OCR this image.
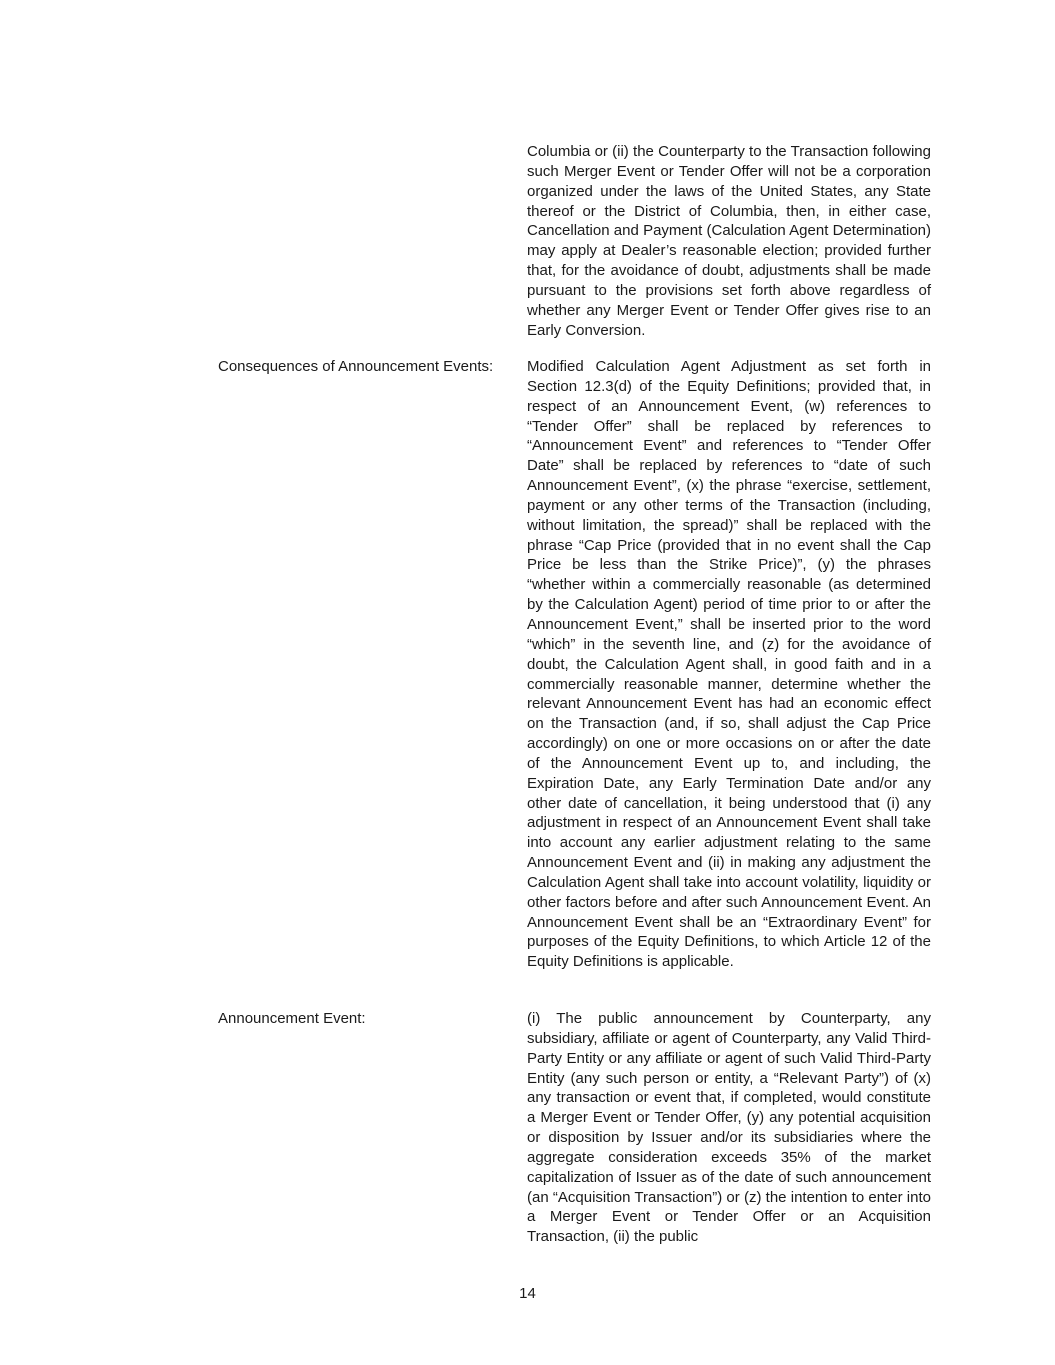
Columbia or (ii) the Counterparty to the Transaction following such Merger Event or Tender Offer will not be a corporation organized under the laws of the United States, any State thereof or the District of Columbia, then, in either case, Cancellation and Payment (Calculation Agent Determination) may apply at Dealer’s reasonable election; provided further that, for the avoidance of doubt, adjustments shall be made pursuant to the provisions set forth above regardless of whether any Merger Event or Tender Offer gives rise to an Early Conversion.

Consequences of Announcement Events: Modified Calculation Agent Adjustment as set forth in Section 12.3(d) of the Equity Definitions; provided that, in respect of an Announcement Event, (w) references to “Tender Offer” shall be replaced by references to “Announcement Event” and references to “Tender Offer Date” shall be replaced by references to “date of such Announcement Event”, (x) the phrase “exercise, settlement, payment or any other terms of the Transaction (including, without limitation, the spread)” shall be replaced with the phrase “Cap Price (provided that in no event shall the Cap Price be less than the Strike Price)”, (y) the phrases “whether within a commercially reasonable (as determined by the Calculation Agent) period of time prior to or after the Announcement Event,” shall be inserted prior to the word “which” in the seventh line, and (z) for the avoidance of doubt, the Calculation Agent shall, in good faith and in a commercially reasonable manner, determine whether the relevant Announcement Event has had an economic effect on the Transaction (and, if so, shall adjust the Cap Price accordingly) on one or more occasions on or after the date of the Announcement Event up to, and including, the Expiration Date, any Early Termination Date and/or any other date of cancellation, it being understood that (i) any adjustment in respect of an Announcement Event shall take into account any earlier adjustment relating to the same Announcement Event and (ii) in making any adjustment the Calculation Agent shall take into account volatility, liquidity or other factors before and after such Announcement Event. An Announcement Event shall be an “Extraordinary Event” for purposes of the Equity Definitions, to which Article 12 of the Equity Definitions is applicable.

Announcement Event:	(i) The public announcement by Counterparty, any subsidiary, affiliate or agent of Counterparty, any Valid Third-Party Entity or any affiliate or agent of such Valid Third-Party Entity (any such person or entity, a “Relevant Party”) of (x) any transaction or event that, if completed, would constitute a Merger Event or Tender Offer, (y) any potential acquisition or disposition by Issuer and/or its subsidiaries where the aggregate consideration exceeds 35% of the market capitalization of Issuer as of the date of such announcement (an “Acquisition Transaction”) or (z) the intention to enter into a Merger Event or Tender Offer or an Acquisition Transaction, (ii) the public

14
